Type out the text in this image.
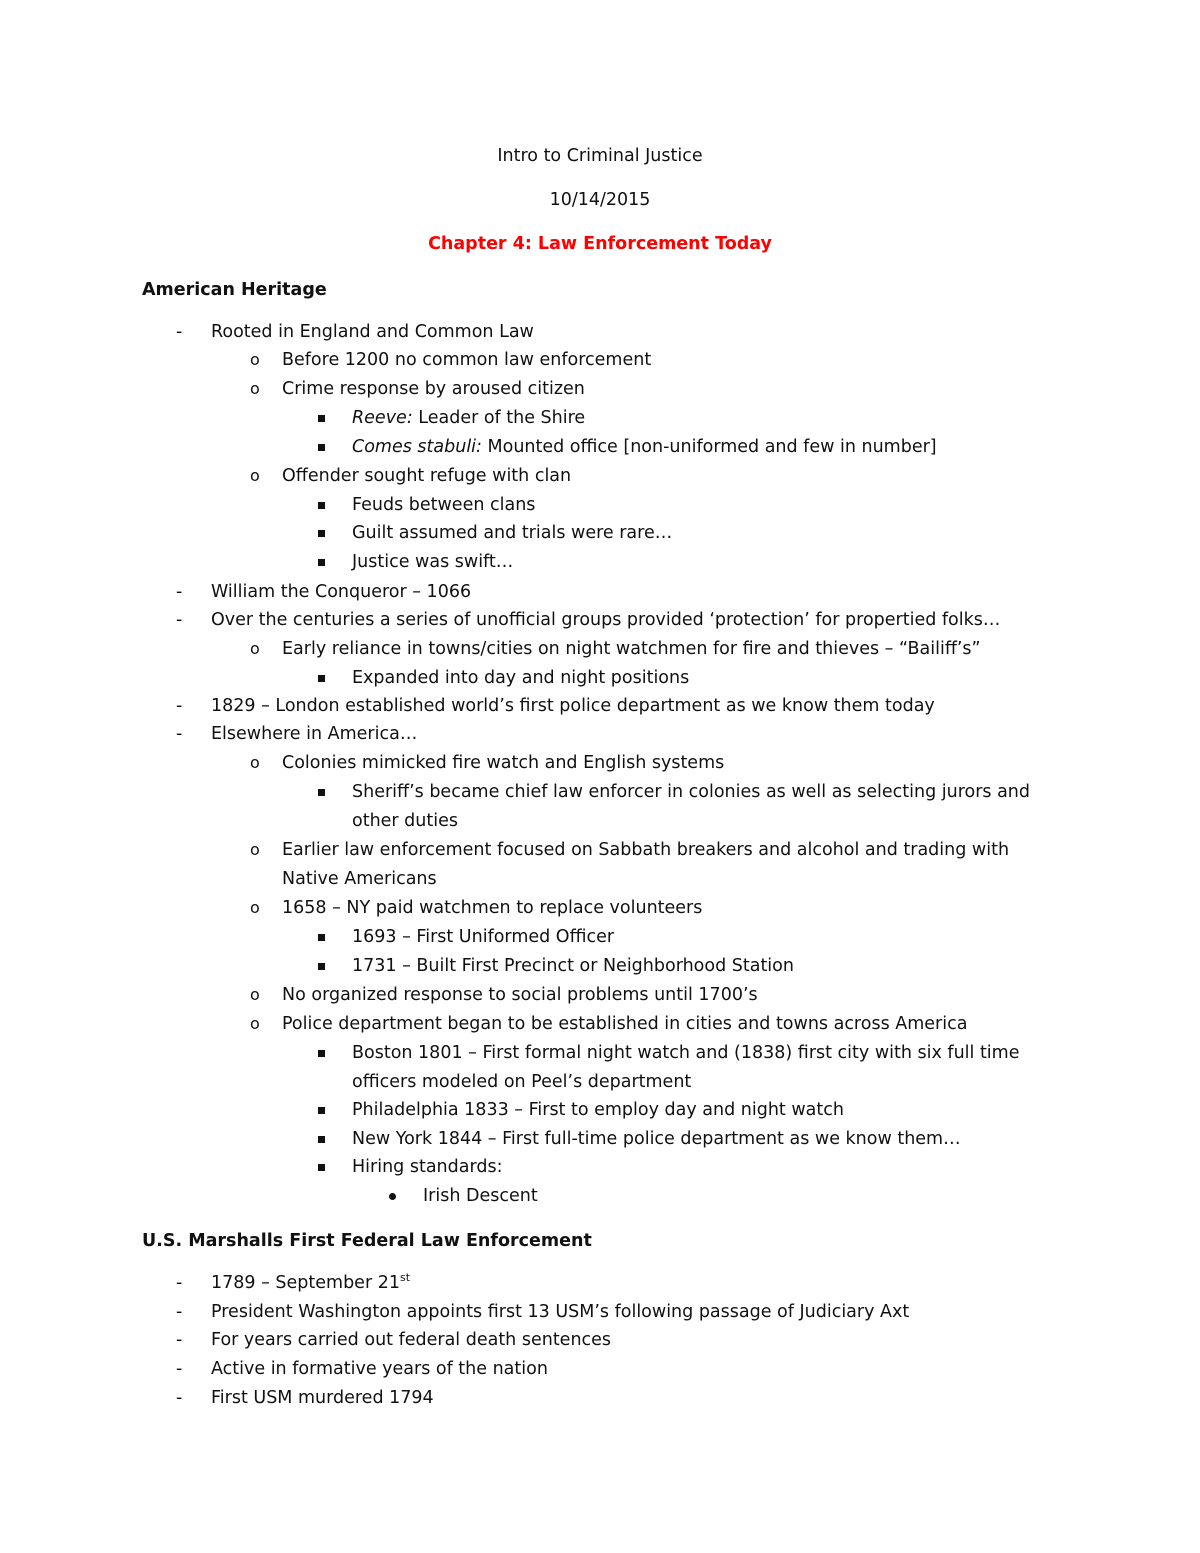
Intro to Criminal Justice
10/14/2015
Chapter 4: Law Enforcement Today
American Heritage
- Rooted in England and Common Law
o Before 1200 no common law enforcement
o Crime response by aroused citizen
Reeve: Leader of the Shire
Comes stabuli: Mounted office [non-uniformed and few in number]
o Offender sought refuge with clan
Feuds between clans
Guilt assumed and trials were rare…
Justice was swift…
- William the Conqueror – 1066
- Over the centuries a series of unofficial groups provided ‘protection’ for propertied folks…
o Early reliance in towns/cities on night watchmen for fire and thieves – “Bailiff’s”
Expanded into day and night positions
- 1829 – London established world’s first police department as we know them today
- Elsewhere in America…
o Colonies mimicked fire watch and English systems
Sheriff’s became chief law enforcer in colonies as well as selecting jurors and
other duties
o Earlier law enforcement focused on Sabbath breakers and alcohol and trading with
Native Americans
o 1658 – NY paid watchmen to replace volunteers
1693 – First Uniformed Officer
1731 – Built First Precinct or Neighborhood Station
o No organized response to social problems until 1700’s
o Police department began to be established in cities and towns across America
Boston 1801 – First formal night watch and (1838) first city with six full time
officers modeled on Peel’s department
Philadelphia 1833 – First to employ day and night watch
New York 1844 – First full-time police department as we know them…
Hiring standards:
Irish Descent
U.S. Marshalls First Federal Law Enforcement
- 1789 – September 21st
- President Washington appoints first 13 USM’s following passage of Judiciary Axt
- For years carried out federal death sentences
- Active in formative years of the nation
- First USM murdered 1794
